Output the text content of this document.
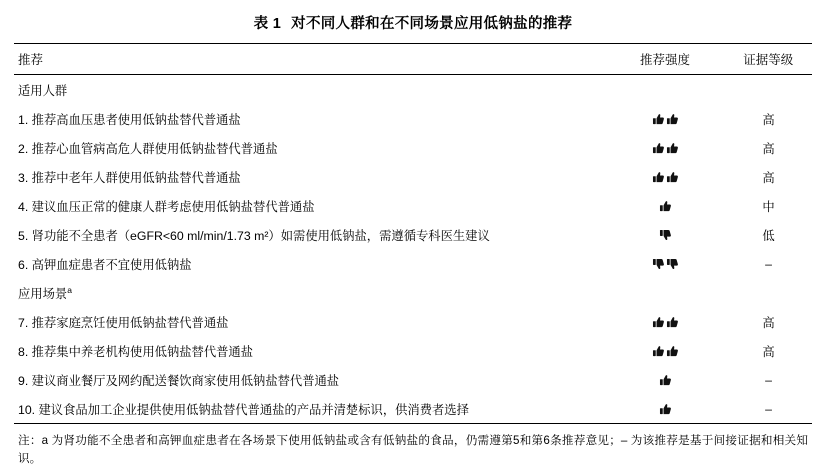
表 1 对不同人群和在不同场景应用低钠盐的推荐
推荐	推荐强度	证据等级
适用人群		
1. 推荐高血压患者使用低钠盐替代普通盐		高
2. 推荐心血管病高危人群使用低钠盐替代普通盐		高
3. 推荐中老年人群使用低钠盐替代普通盐		高
4. 建议血压正常的健康人群考虑使用低钠盐替代普通盐		中
5. 肾功能不全患者（eGFR<60 ml/min/1.73 m²）如需使用低钠盐，需遵循专科医生建议		低
6. 高钾血症患者不宜使用低钠盐		–
应用场景$^a$		
7. 推荐家庭烹饪使用低钠盐替代普通盐		高
8. 推荐集中养老机构使用低钠盐替代普通盐		高
9. 建议商业餐厅及网约配送餐饮商家使用低钠盐替代普通盐		–
10. 建议食品加工企业提供使用低钠盐替代普通盐的产品并清楚标识，供消费者选择		–
注：a 为肾功能不全患者和高钾血症患者在各场景下使用低钠盐或含有低钠盐的食品，仍需遵第5和第6条推荐意见；– 为该推荐是基于间接证据和相关知识。
